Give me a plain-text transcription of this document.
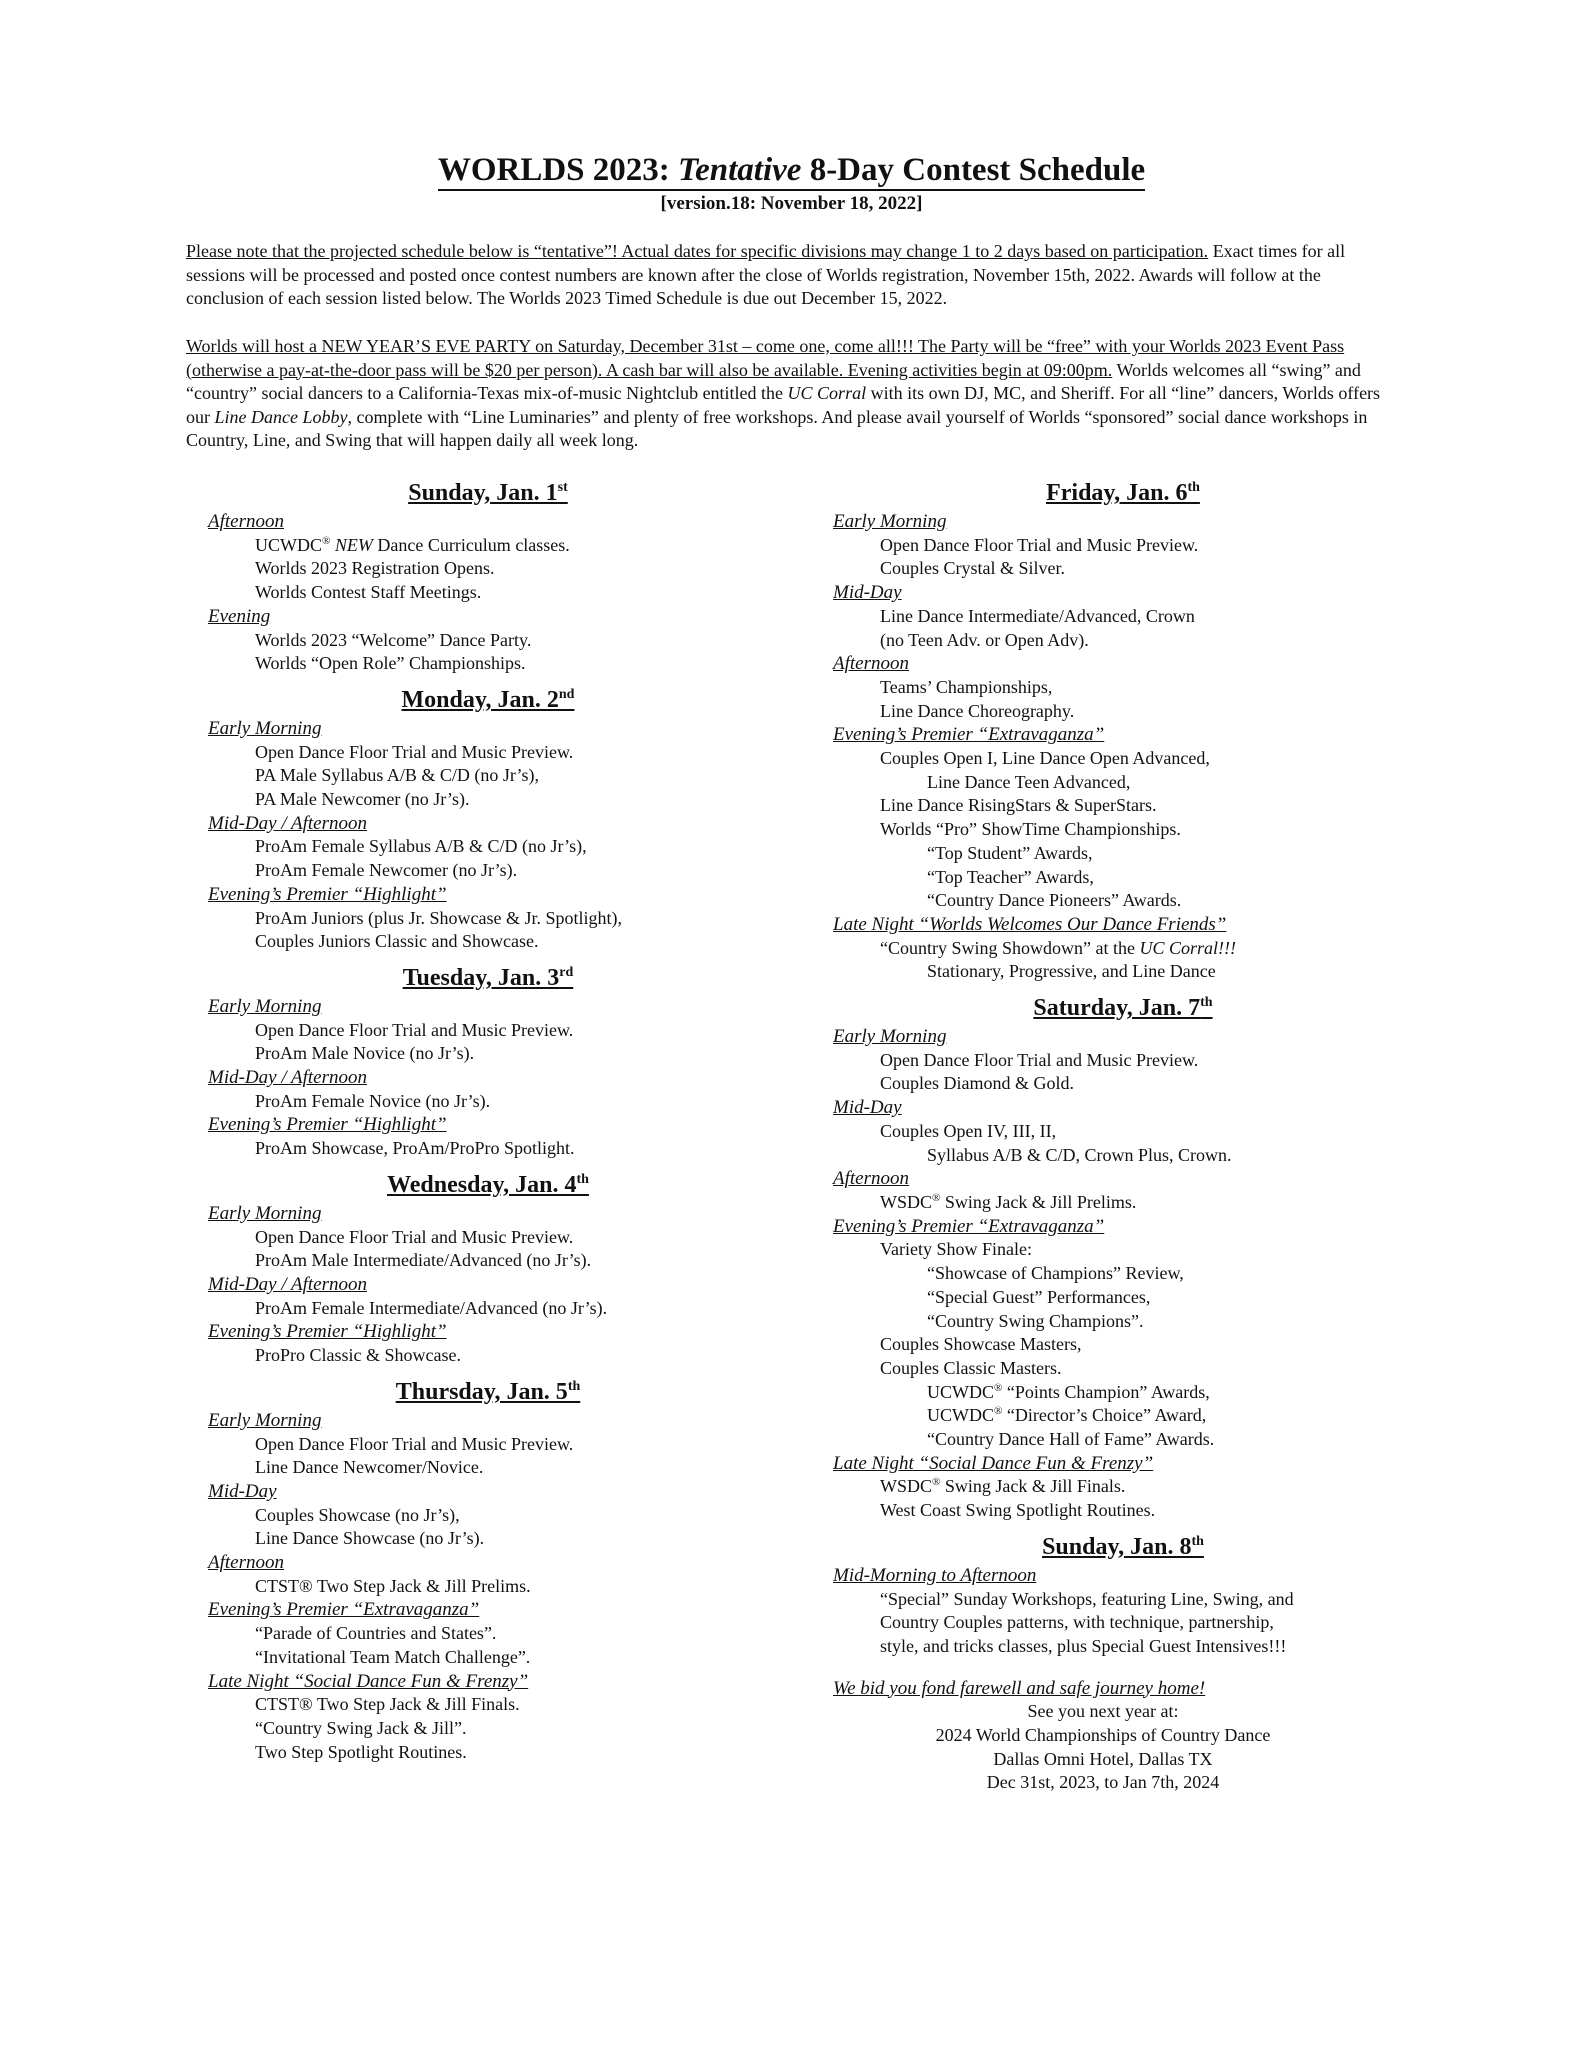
WORLDS 2023: Tentative 8-Day Contest Schedule
[version.18: November 18, 2022]
Please note that the projected schedule below is “tentative”! Actual dates for specific divisions may change 1 to 2 days based on participation. Exact times for all sessions will be processed and posted once contest numbers are known after the close of Worlds registration, November 15th, 2022. Awards will follow at the conclusion of each session listed below. The Worlds 2023 Timed Schedule is due out December 15, 2022.
Worlds will host a NEW YEAR’S EVE PARTY on Saturday, December 31st – come one, come all!!! The Party will be “free” with your Worlds 2023 Event Pass (otherwise a pay-at-the-door pass will be $20 per person). A cash bar will also be available. Evening activities begin at 09:00pm. Worlds welcomes all “swing” and “country” social dancers to a California-Texas mix-of-music Nightclub entitled the UC Corral with its own DJ, MC, and Sheriff. For all “line” dancers, Worlds offers our Line Dance Lobby, complete with “Line Luminaries” and plenty of free workshops. And please avail yourself of Worlds “sponsored” social dance workshops in Country, Line, and Swing that will happen daily all week long.
Sunday, Jan. 1st
Afternoon
UCWDC® NEW Dance Curriculum classes.
Worlds 2023 Registration Opens.
Worlds Contest Staff Meetings.
Evening
Worlds 2023 “Welcome” Dance Party.
Worlds “Open Role” Championships.
Monday, Jan. 2nd
Early Morning
Open Dance Floor Trial and Music Preview.
PA Male Syllabus A/B & C/D (no Jr’s),
PA Male Newcomer (no Jr’s).
Mid-Day / Afternoon
ProAm Female Syllabus A/B & C/D (no Jr’s),
ProAm Female Newcomer (no Jr’s).
Evening’s Premier “Highlight”
ProAm Juniors (plus Jr. Showcase & Jr. Spotlight),
Couples Juniors Classic and Showcase.
Tuesday, Jan. 3rd
Early Morning
Open Dance Floor Trial and Music Preview.
ProAm Male Novice (no Jr’s).
Mid-Day / Afternoon
ProAm Female Novice (no Jr’s).
Evening’s Premier “Highlight”
ProAm Showcase, ProAm/ProPro Spotlight.
Wednesday, Jan. 4th
Early Morning
Open Dance Floor Trial and Music Preview.
ProAm Male Intermediate/Advanced (no Jr’s).
Mid-Day / Afternoon
ProAm Female Intermediate/Advanced (no Jr’s).
Evening’s Premier “Highlight”
ProPro Classic & Showcase.
Thursday, Jan. 5th
Early Morning
Open Dance Floor Trial and Music Preview.
Line Dance Newcomer/Novice.
Mid-Day
Couples Showcase (no Jr’s),
Line Dance Showcase (no Jr’s).
Afternoon
CTST® Two Step Jack & Jill Prelims.
Evening’s Premier “Extravaganza”
“Parade of Countries and States”.
“Invitational Team Match Challenge”.
Late Night “Social Dance Fun & Frenzy”
CTST® Two Step Jack & Jill Finals.
“Country Swing Jack & Jill”.
Two Step Spotlight Routines.
Friday, Jan. 6th
Early Morning
Open Dance Floor Trial and Music Preview.
Couples Crystal & Silver.
Mid-Day
Line Dance Intermediate/Advanced, Crown
(no Teen Adv. or Open Adv).
Afternoon
Teams’ Championships,
Line Dance Choreography.
Evening’s Premier “Extravaganza”
Couples Open I, Line Dance Open Advanced,
Line Dance Teen Advanced,
Line Dance RisingStars & SuperStars.
Worlds “Pro” ShowTime Championships.
“Top Student” Awards,
“Top Teacher” Awards,
“Country Dance Pioneers” Awards.
Late Night “Worlds Welcomes Our Dance Friends”
“Country Swing Showdown” at the UC Corral!!!
Stationary, Progressive, and Line Dance
Saturday, Jan. 7th
Early Morning
Open Dance Floor Trial and Music Preview.
Couples Diamond & Gold.
Mid-Day
Couples Open IV, III, II,
Syllabus A/B & C/D, Crown Plus, Crown.
Afternoon
WSDC® Swing Jack & Jill Prelims.
Evening’s Premier “Extravaganza”
Variety Show Finale:
“Showcase of Champions” Review,
“Special Guest” Performances,
“Country Swing Champions”.
Couples Showcase Masters,
Couples Classic Masters.
UCWDC® “Points Champion” Awards,
UCWDC® “Director’s Choice” Award,
“Country Dance Hall of Fame” Awards.
Late Night “Social Dance Fun & Frenzy”
WSDC® Swing Jack & Jill Finals.
West Coast Swing Spotlight Routines.
Sunday, Jan. 8th
Mid-Morning to Afternoon
“Special” Sunday Workshops, featuring Line, Swing, and
Country Couples patterns, with technique, partnership,
style, and tricks classes, plus Special Guest Intensives!!!
We bid you fond farewell and safe journey home!
See you next year at:
2024 World Championships of Country Dance
Dallas Omni Hotel, Dallas TX
Dec 31st, 2023, to Jan 7th, 2024
